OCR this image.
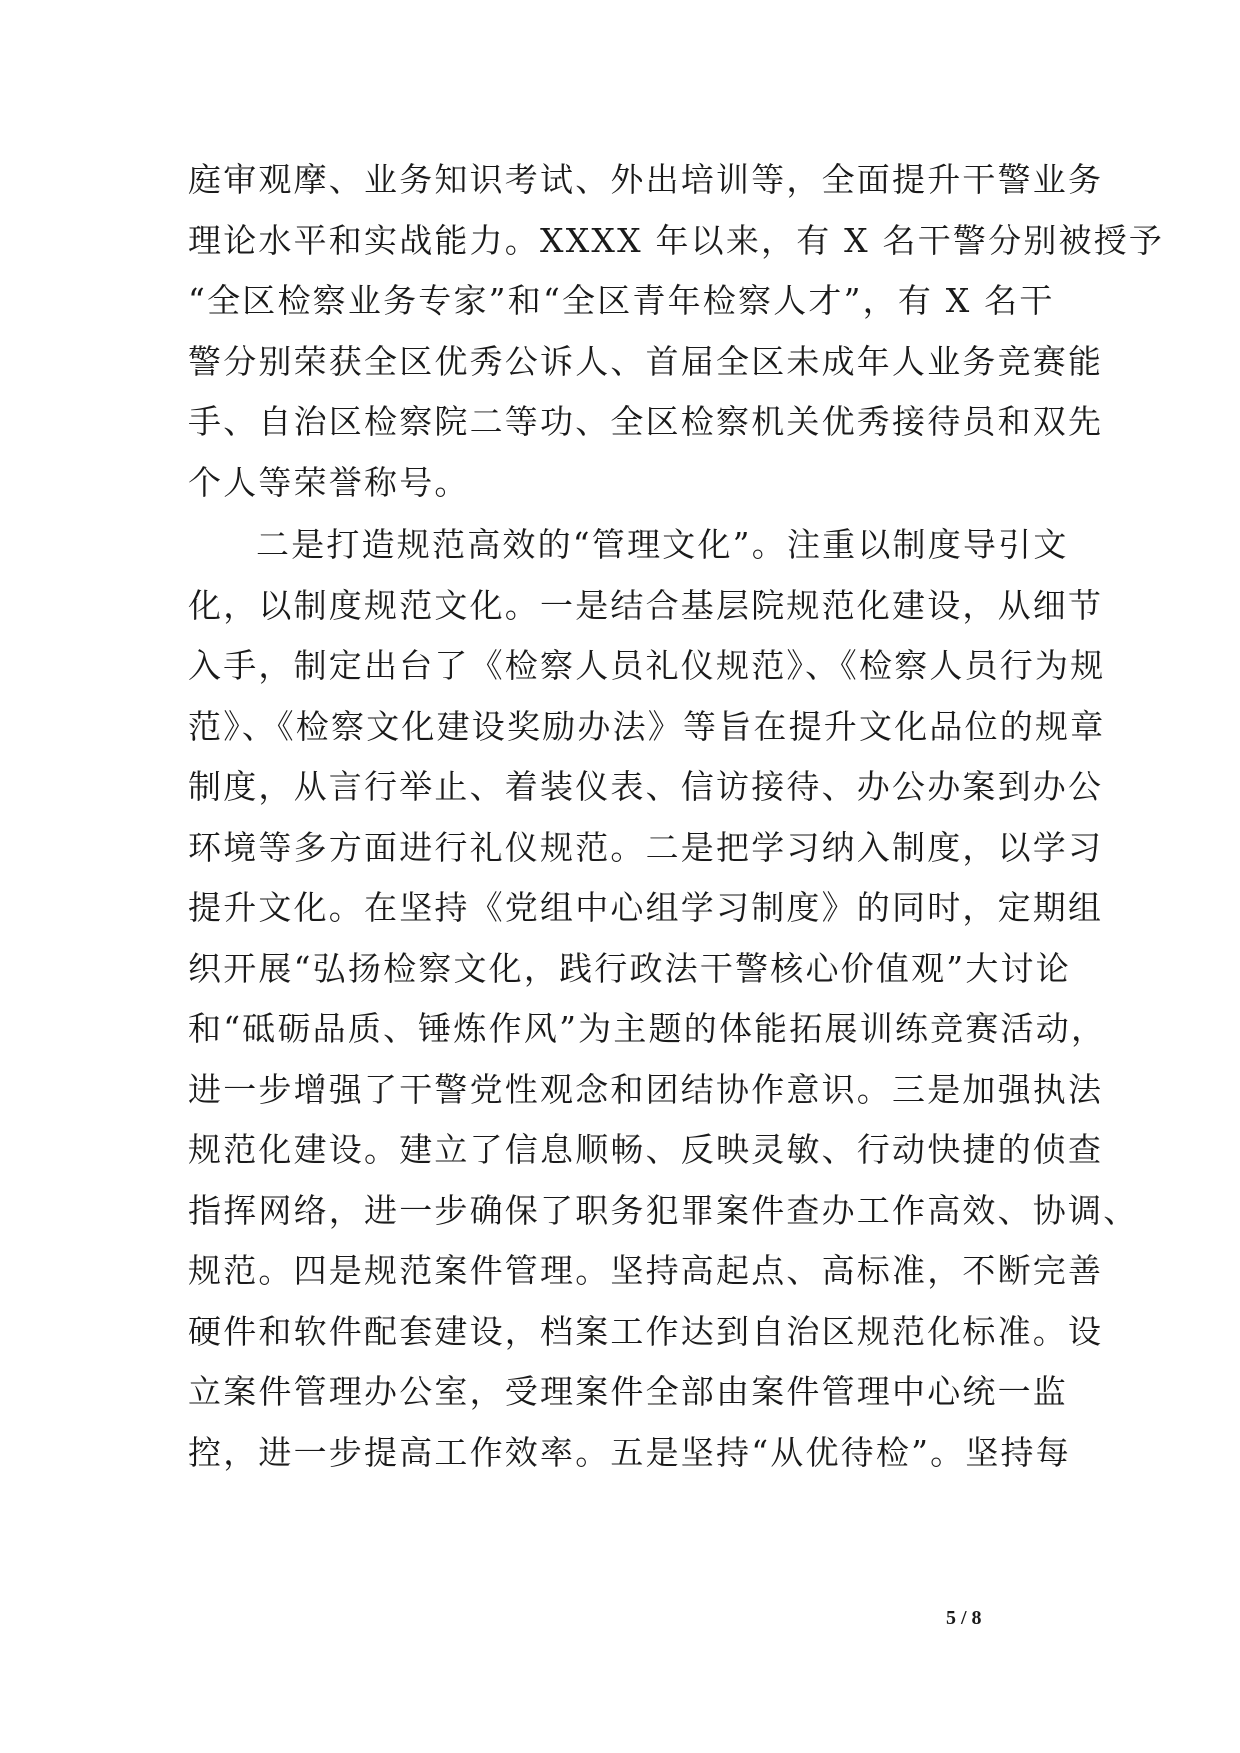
庭审观摩、业务知识考试、外出培训等，全面提升干警业务
理论水平和实战能力。XXXX 年以来，有 X 名干警分别被授予
“全区检察业务专家”和“全区青年检察人才”，有 X 名干
警分别荣获全区优秀公诉人、首届全区未成年人业务竞赛能
手、自治区检察院二等功、全区检察机关优秀接待员和双先
个人等荣誉称号。
二是打造规范高效的“管理文化”。注重以制度导引文
化，以制度规范文化。一是结合基层院规范化建设，从细节
入手，制定出台了《检察人员礼仪规范》、《检察人员行为规
范》、《检察文化建设奖励办法》等旨在提升文化品位的规章
制度，从言行举止、着装仪表、信访接待、办公办案到办公
环境等多方面进行礼仪规范。二是把学习纳入制度，以学习
提升文化。在坚持《党组中心组学习制度》的同时，定期组
织开展“弘扬检察文化，践行政法干警核心价值观”大讨论
和“砥砺品质、锤炼作风”为主题的体能拓展训练竞赛活动，
进一步增强了干警党性观念和团结协作意识。三是加强执法
规范化建设。建立了信息顺畅、反映灵敏、行动快捷的侦查
指挥网络，进一步确保了职务犯罪案件查办工作高效、协调、
规范。四是规范案件管理。坚持高起点、高标准，不断完善
硬件和软件配套建设，档案工作达到自治区规范化标准。设
立案件管理办公室，受理案件全部由案件管理中心统一监
控，进一步提高工作效率。五是坚持“从优待检”。坚持每
5 / 8
